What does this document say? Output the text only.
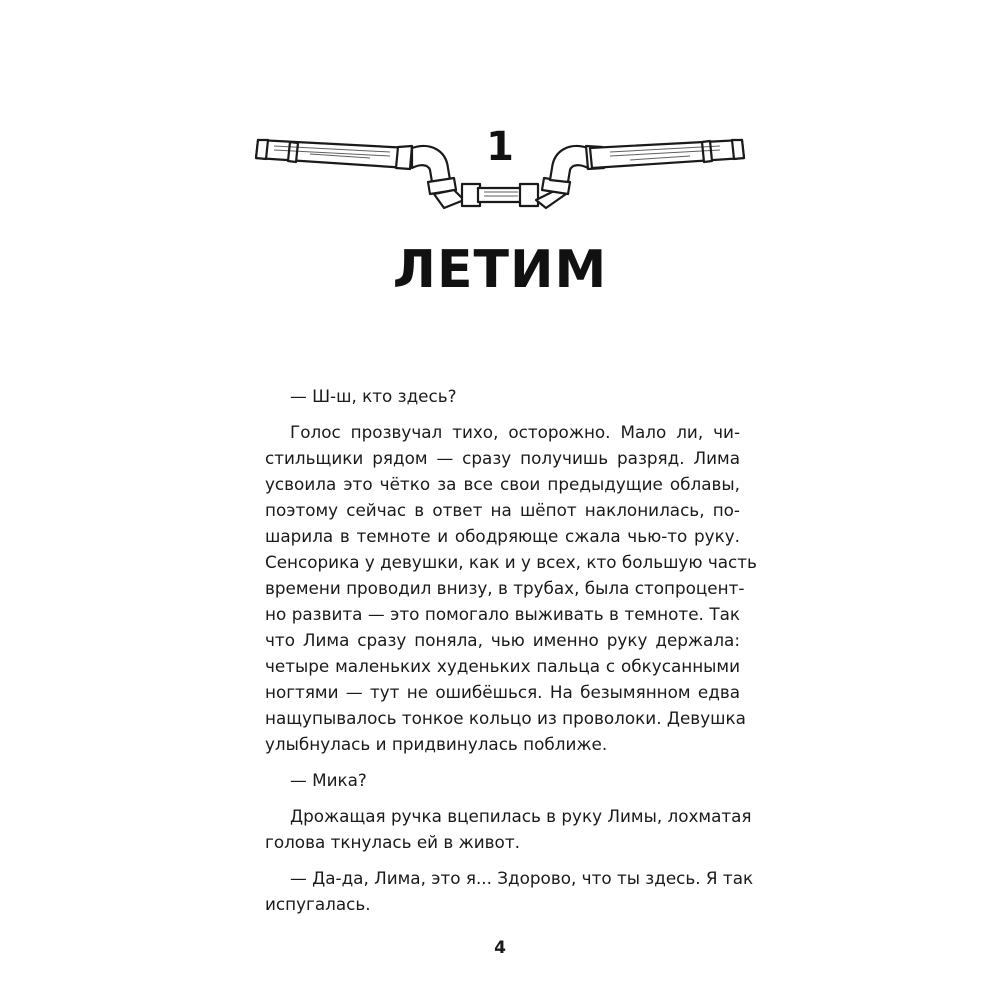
1
ЛЕТИМ

— Ш-ш, кто здесь?

Голос прозвучал тихо, осторожно. Мало ли, чи-
стильщики рядом — сразу получишь разряд. Лима
усвоила это чётко за все свои предыдущие облавы,
поэтому сейчас в ответ на шёпот наклонилась, по-
шарила в темноте и ободряюще сжала чью-то руку.
Сенсорика у девушки, как и у всех, кто большую часть
времени проводил внизу, в трубах, была стопроцент-
но развита — это помогало выживать в темноте. Так
что Лима сразу поняла, чью именно руку держала:
четыре маленьких худеньких пальца с обкусанными
ногтями — тут не ошибёшься. На безымянном едва
нащупывалось тонкое кольцо из проволоки. Девушка
улыбнулась и придвинулась поближе.

— Мика?

Дрожащая ручка вцепилась в руку Лимы, лохматая
голова ткнулась ей в живот.

— Да-да, Лима, это я... Здорово, что ты здесь. Я так
испугалась.

4
